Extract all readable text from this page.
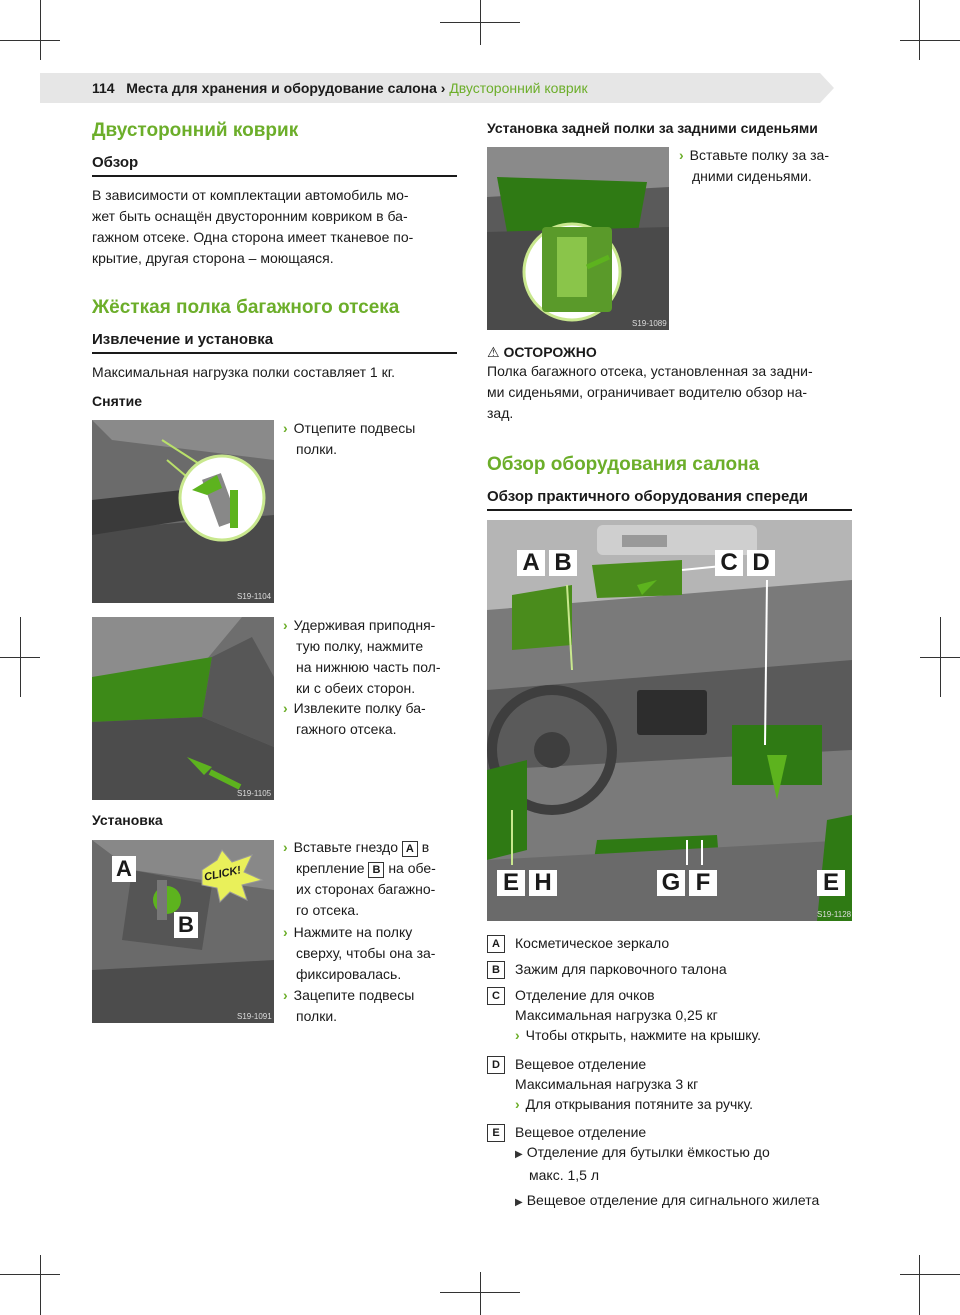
114 Места для хранения и оборудование салона › Двусторонний коврик
Двусторонний коврик
Обзор
В зависимости от комплектации автомобиль мо-
жет быть оснащён двусторонним ковриком в ба-
гажном отсеке. Одна сторона имеет тканевое по-
крытие, другая сторона – моющаяся.
Жёсткая полка багажного отсека
Извлечение и установка
Максимальная нагрузка полки составляет 1 кг.
Снятие
S19-1104
› Отцепите подвесы
полки.
S19-1105
› Удерживая приподня-
тую полку, нажмите
на нижнюю часть пол-
ки с обеих сторон.
› Извлеките полку ба-
гажного отсека.
Установка
A
B
CLICK!
S19-1091
› Вставьте гнездо A в
крепление B на обе-
их сторонах багажно-
го отсека.
› Нажмите на полку
сверху, чтобы она за-
фиксировалась.
› Зацепите подвесы
полки.
Установка задней полки за задними сиденьями
S19-1089
› Вставьте полку за за-
дними сиденьями.
⚠ ОСТОРОЖНО
Полка багажного отсека, установленная за задни-
ми сиденьями, ограничивает водителю обзор на-
зад.
Обзор оборудования салона
Обзор практичного оборудования спереди
A B	C D
E H	G F	E
S19-1128
A	Косметическое зеркало
B	Зажим для парковочного талона
C	Отделение для очков
Максимальная нагрузка 0,25 кг
› Чтобы открыть, нажмите на крышку.
D	Вещевое отделение
Максимальная нагрузка 3 кг
› Для открывания потяните за ручку.
E	Вещевое отделение
▶ Отделение для бутылки ёмкостью до
макс. 1,5 л
▶ Вещевое отделение для сигнального жилета
